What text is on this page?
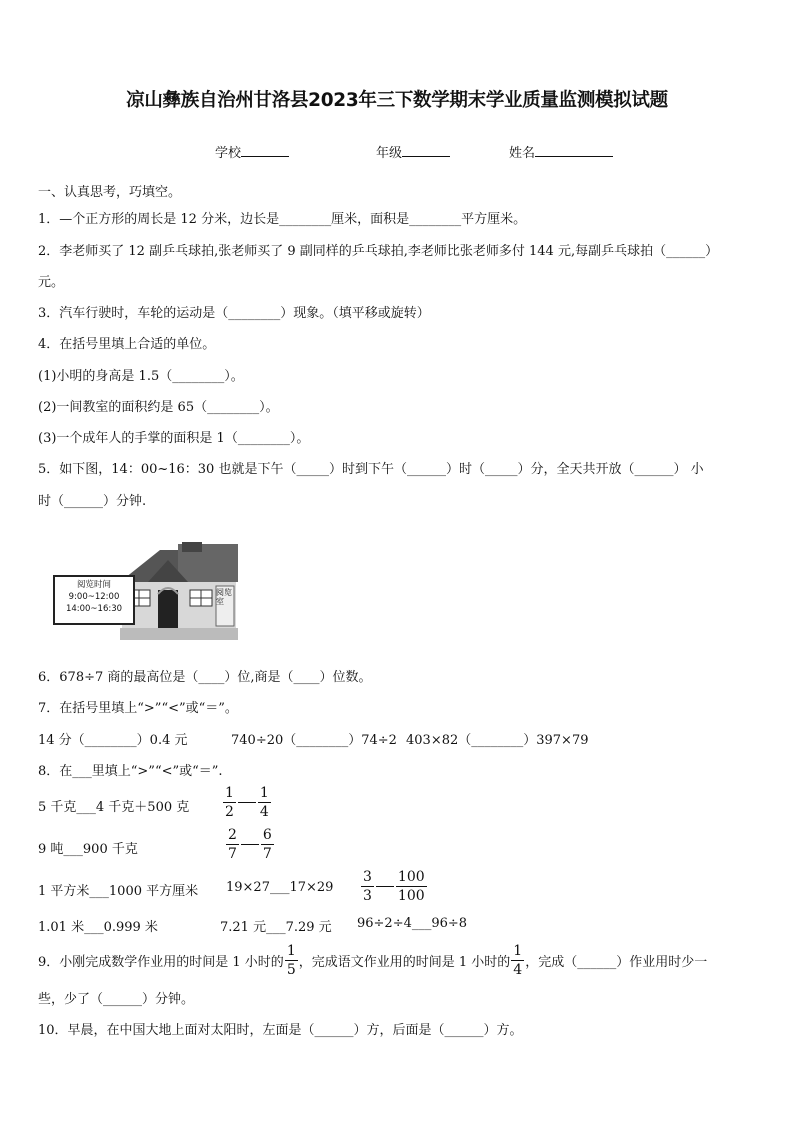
凉山彝族自治州甘洛县2023年三下数学期末学业质量监测模拟试题
学校	年级	姓名
一、认真思考，巧填空。
1．—个正方形的周长是 12 分米，边长是________厘米，面积是________平方厘米。
2．李老师买了 12 副乒乓球拍,张老师买了 9 副同样的乒乓球拍,李老师比张老师多付 144 元,每副乒乓球拍（______）
元。
3．汽车行驶时，车轮的运动是（________）现象。（填平移或旋转）
4．在括号里填上合适的单位。
(1)小明的身高是 1.5（________）。
(2)一间教室的面积约是 65（________）。
(3)一个成年人的手掌的面积是 1（________）。
5．如下图，14：00~16：30 也就是下午（_____）时到下午（______）时（_____）分，全天共开放（______） 小
时（______）分钟.
阅览室
阅览时间
9:00~12:00
14:00~16:30
6．678÷7 商的最高位是（____）位,商是（____）位数。
7．在括号里填上“>”“<”或“＝”。
14 分（________）0.4 元	740÷20（________）74÷2 403×82（________）397×79
8．在___里填上“>”“<”或“＝”.
5 千克___4 千克＋500 克 $\frac{1}{2} \frac{1}{4}$
9 吨___900 千克	$\frac{2}{7} \frac{6}{7}$
1 平方米___1000 平方厘米 19×27___17×29 $\frac{3}{3} \frac{100}{100}$
1.01 米___0.999 米	7.21 元___7.29 元 96÷2÷4___96÷8
9．小刚完成数学作业用的时间是 1 小时的 $\frac{1}{5}$ ，完成语文作业用的时间是 1 小时的 $\frac{1}{4}$ ，完成（______）作业用时少一
些，少了（______）分钟。
10．早晨，在中国大地上面对太阳时，左面是（______）方，后面是（______）方。
